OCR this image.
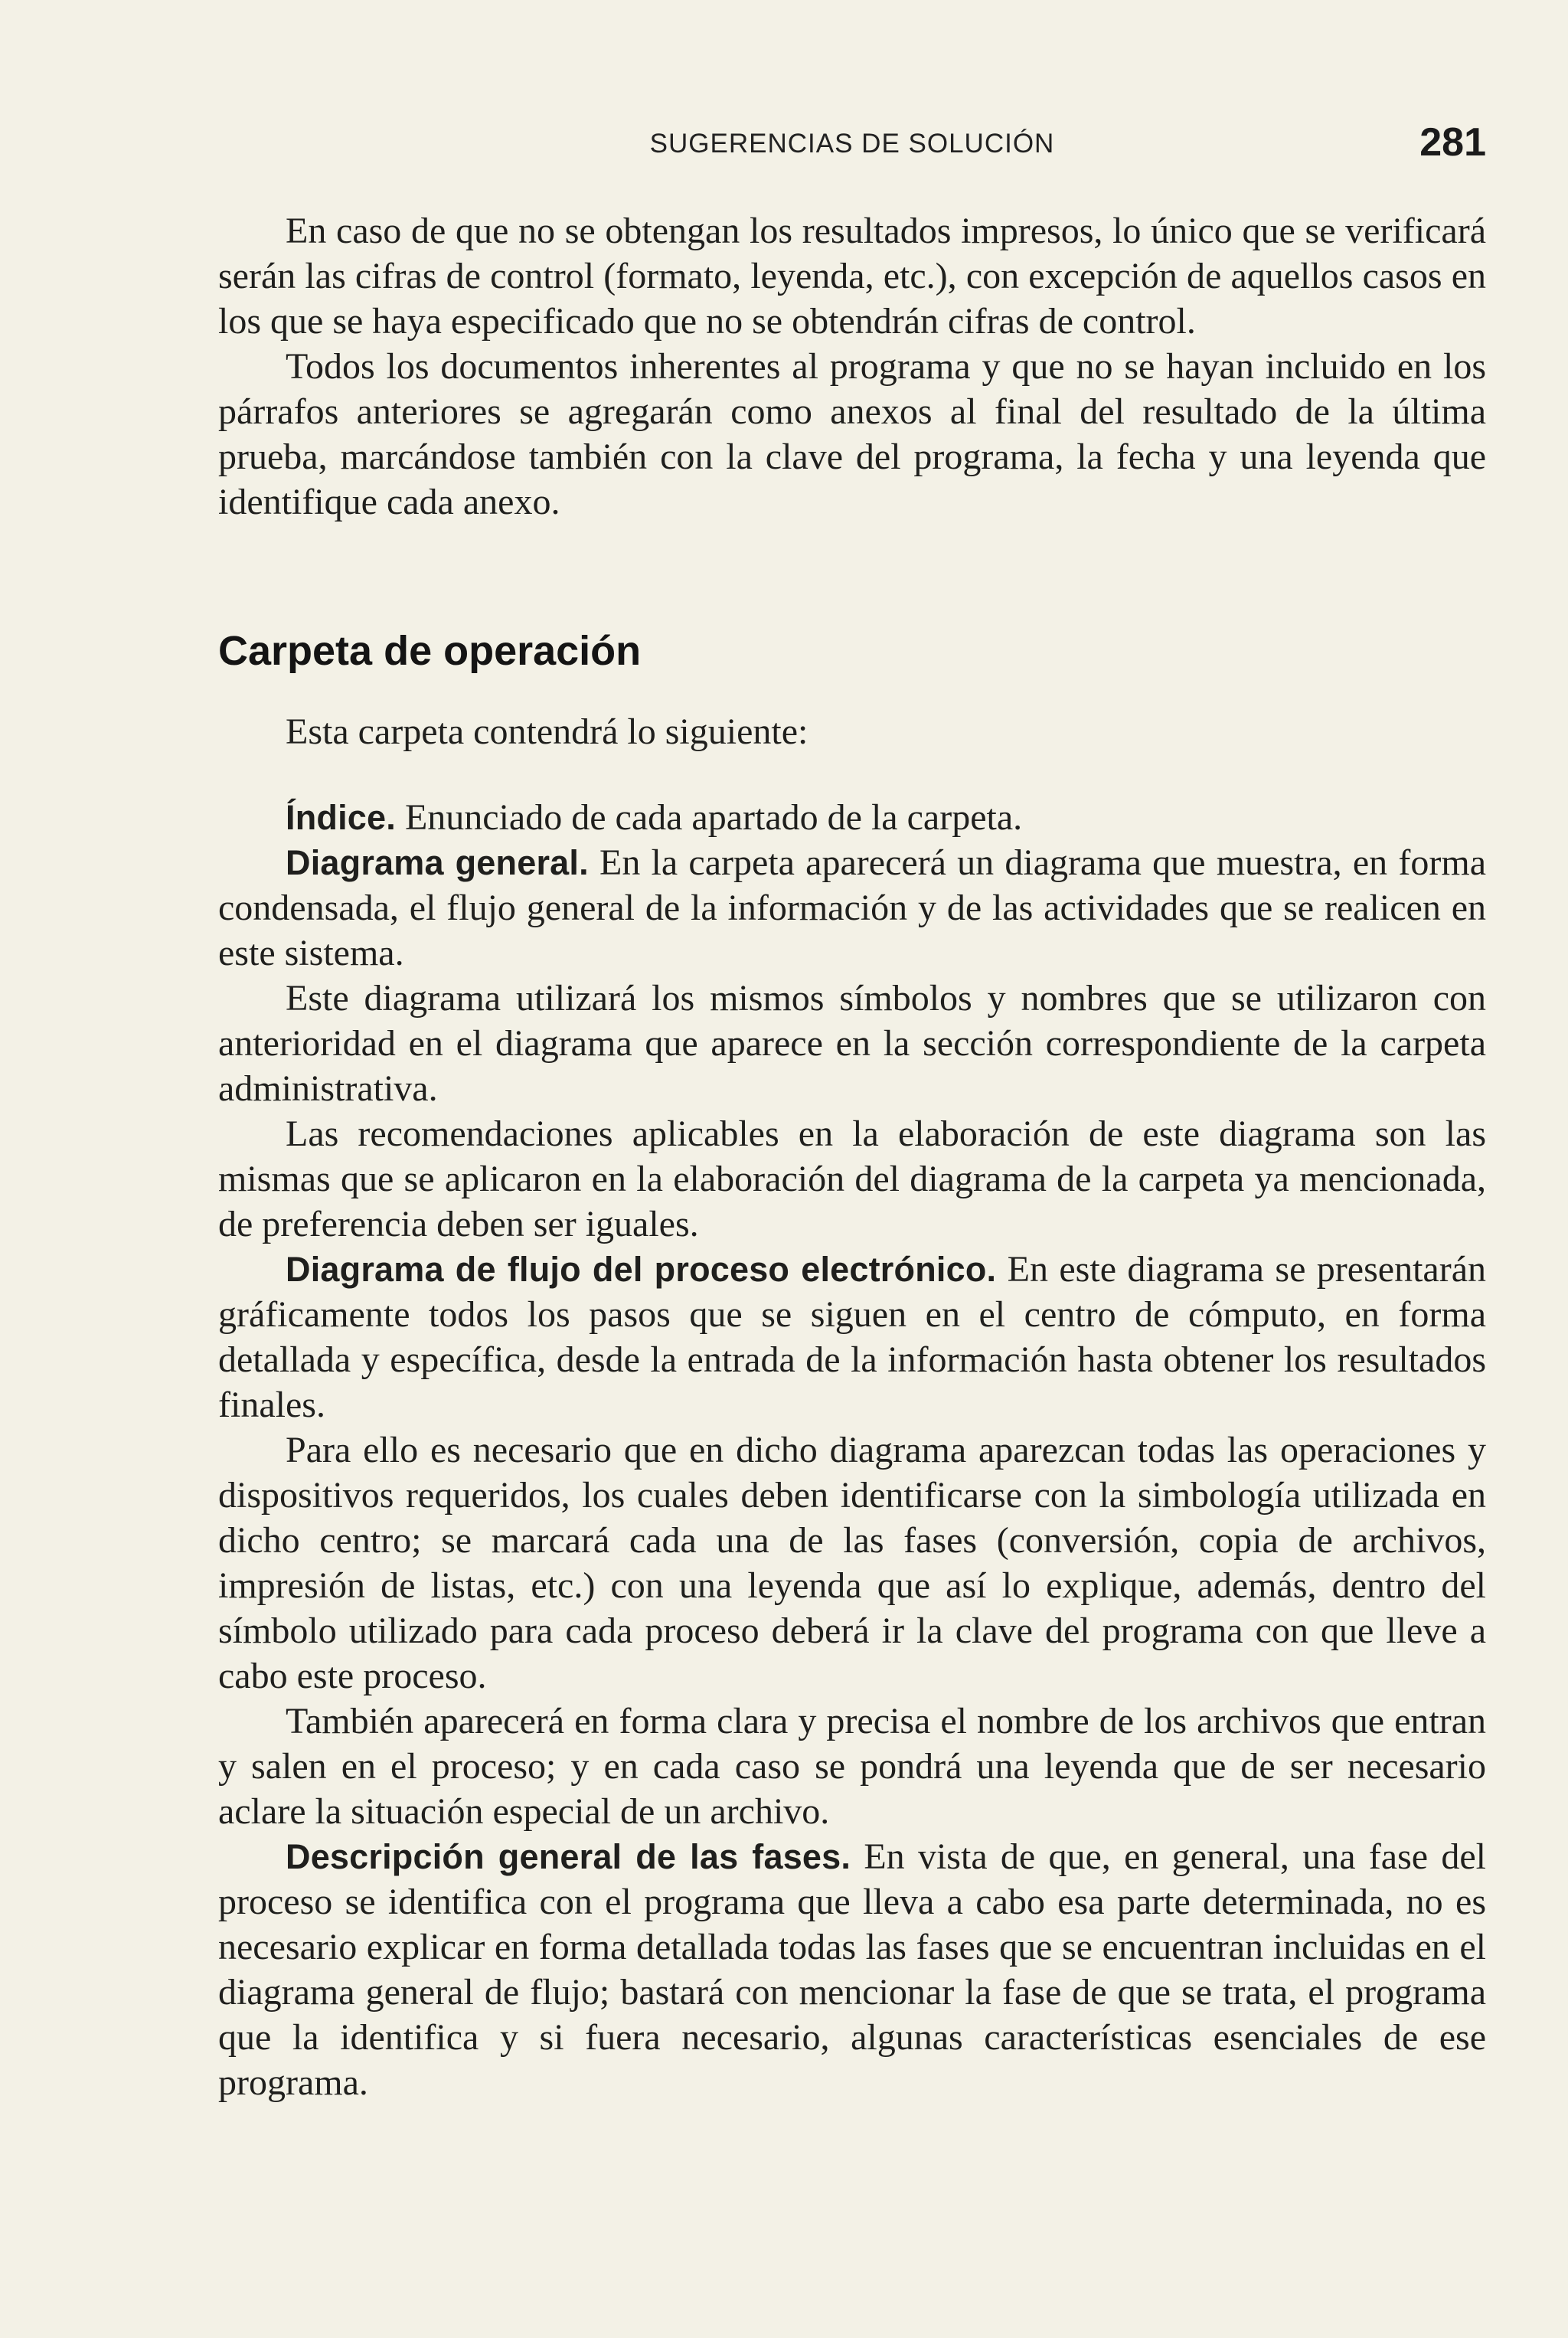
SUGERENCIAS DE SOLUCIÓN	281

En caso de que no se obtengan los resultados impresos, lo único que se verificará serán las cifras de control (formato, leyenda, etc.), con excepción de aquellos casos en los que se haya especificado que no se obtendrán cifras de control.

Todos los documentos inherentes al programa y que no se hayan incluido en los párrafos anteriores se agregarán como anexos al final del resultado de la última prueba, marcándose también con la clave del programa, la fecha y una leyenda que identifique cada anexo.

Carpeta de operación

Esta carpeta contendrá lo siguiente:

Índice. Enunciado de cada apartado de la carpeta.

Diagrama general. En la carpeta aparecerá un diagrama que muestra, en forma condensada, el flujo general de la información y de las actividades que se realicen en este sistema.

Este diagrama utilizará los mismos símbolos y nombres que se utilizaron con anterioridad en el diagrama que aparece en la sección correspondiente de la carpeta administrativa.

Las recomendaciones aplicables en la elaboración de este diagrama son las mismas que se aplicaron en la elaboración del diagrama de la carpeta ya mencionada, de preferencia deben ser iguales.

Diagrama de flujo del proceso electrónico. En este diagrama se presentarán gráficamente todos los pasos que se siguen en el centro de cómputo, en forma detallada y específica, desde la entrada de la información hasta obtener los resultados finales.

Para ello es necesario que en dicho diagrama aparezcan todas las operaciones y dispositivos requeridos, los cuales deben identificarse con la simbología utilizada en dicho centro; se marcará cada una de las fases (conversión, copia de archivos, impresión de listas, etc.) con una leyenda que así lo explique, además, dentro del símbolo utilizado para cada proceso deberá ir la clave del programa con que lleve a cabo este proceso.

También aparecerá en forma clara y precisa el nombre de los archivos que entran y salen en el proceso; y en cada caso se pondrá una leyenda que de ser necesario aclare la situación especial de un archivo.

Descripción general de las fases. En vista de que, en general, una fase del proceso se identifica con el programa que lleva a cabo esa parte determinada, no es necesario explicar en forma detallada todas las fases que se encuentran incluidas en el diagrama general de flujo; bastará con mencionar la fase de que se trata, el programa que la identifica y si fuera necesario, algunas características esenciales de ese programa.
